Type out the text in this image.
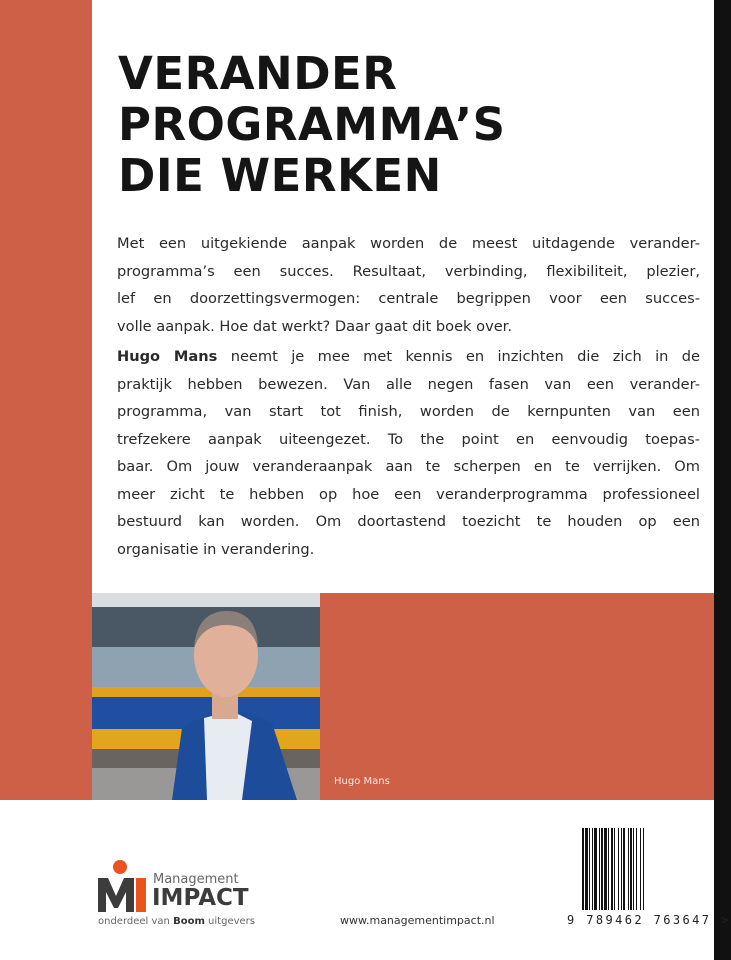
VERANDER
PROGRAMMA’S
DIE WERKEN
Met een uitgekiende aanpak worden de meest uitdagende verander-
programma’s een succes. Resultaat, verbinding, flexibiliteit, plezier,
lef en doorzettingsvermogen: centrale begrippen voor een succes-
volle aanpak. Hoe dat werkt? Daar gaat dit boek over.
Hugo Mans neemt je mee met kennis en inzichten die zich in de
praktijk hebben bewezen. Van alle negen fasen van een verander-
programma, van start tot finish, worden de kernpunten van een
trefzekere aanpak uiteengezet. To the point en eenvoudig toepas-
baar. Om jouw veranderaanpak aan te scherpen en te verrijken. Om
meer zicht te hebben op hoe een veranderprogramma professioneel
bestuurd kan worden. Om doortastend toezicht te houden op een
organisatie in verandering.
Hugo Mans
Management
IMPACT
onderdeel van Boom uitgevers	www.managementimpact.nl	9 789462 763647 >
